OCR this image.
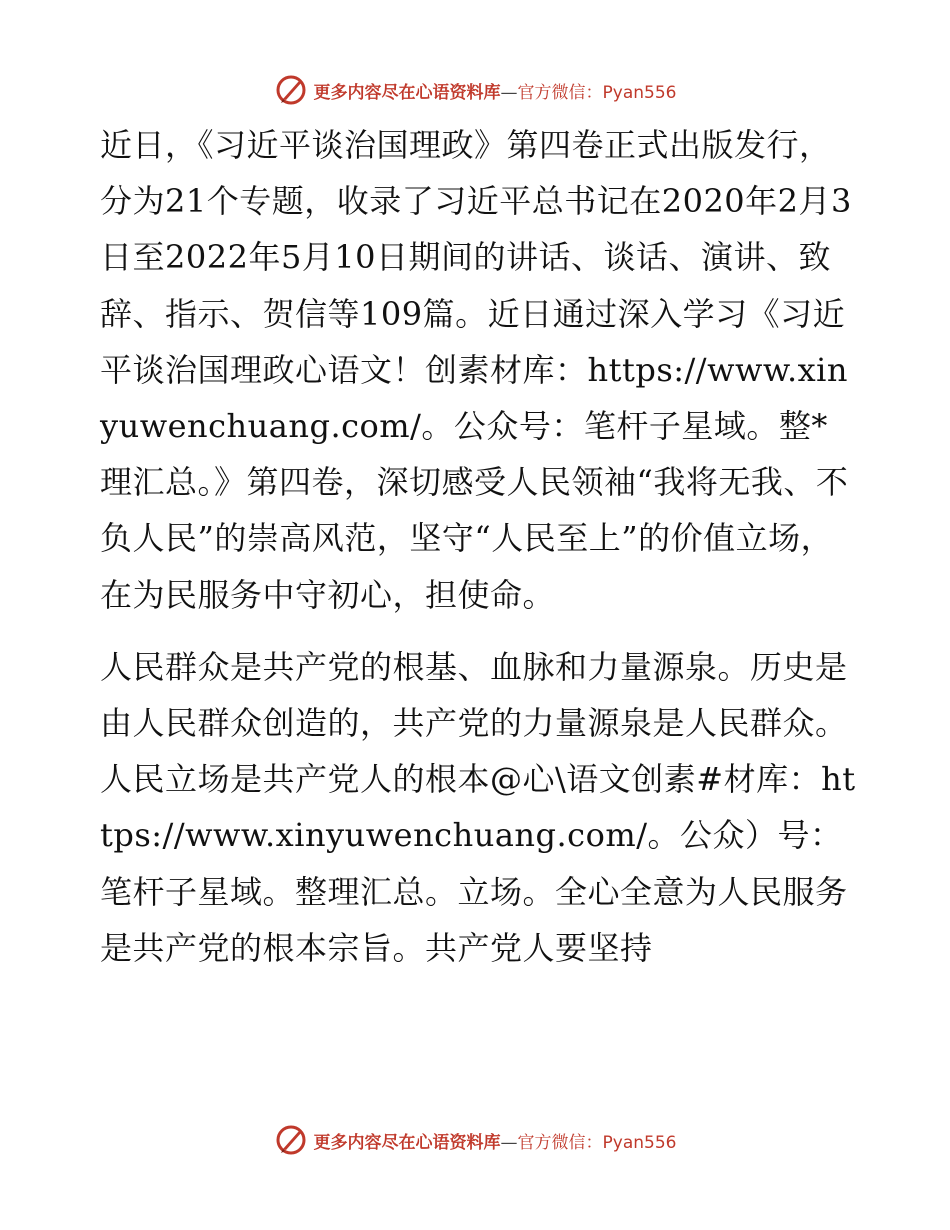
更多内容尽在心语资料库—官方微信：Pyan556

近日，《习近平谈治国理政》第四卷正式出版发行，分为21个专题，收录了习近平总书记在2020年2月3日至2022年5月10日期间的讲话、谈话、演讲、致辞、指示、贺信等109篇。近日通过深入学习《习近平谈治国理政心语文！创素材库：https://www.xinyuwenchuang.com/。公众号：笔杆子星域。整*理汇总。》第四卷，深切感受人民领袖“我将无我、不负人民”的崇高风范，坚守“人民至上”的价值立场，在为民服务中守初心，担使命。

人民群众是共产党的根基、血脉和力量源泉。历史是由人民群众创造的，共产党的力量源泉是人民群众。人民立场是共产党人的根本@心\语文创素#材库：https://www.xinyuwenchuang.com/。公众）号：笔杆子星域。整理汇总。立场。全心全意为人民服务是共产党的根本宗旨。共产党人要坚持

更多内容尽在心语资料库—官方微信：Pyan556
